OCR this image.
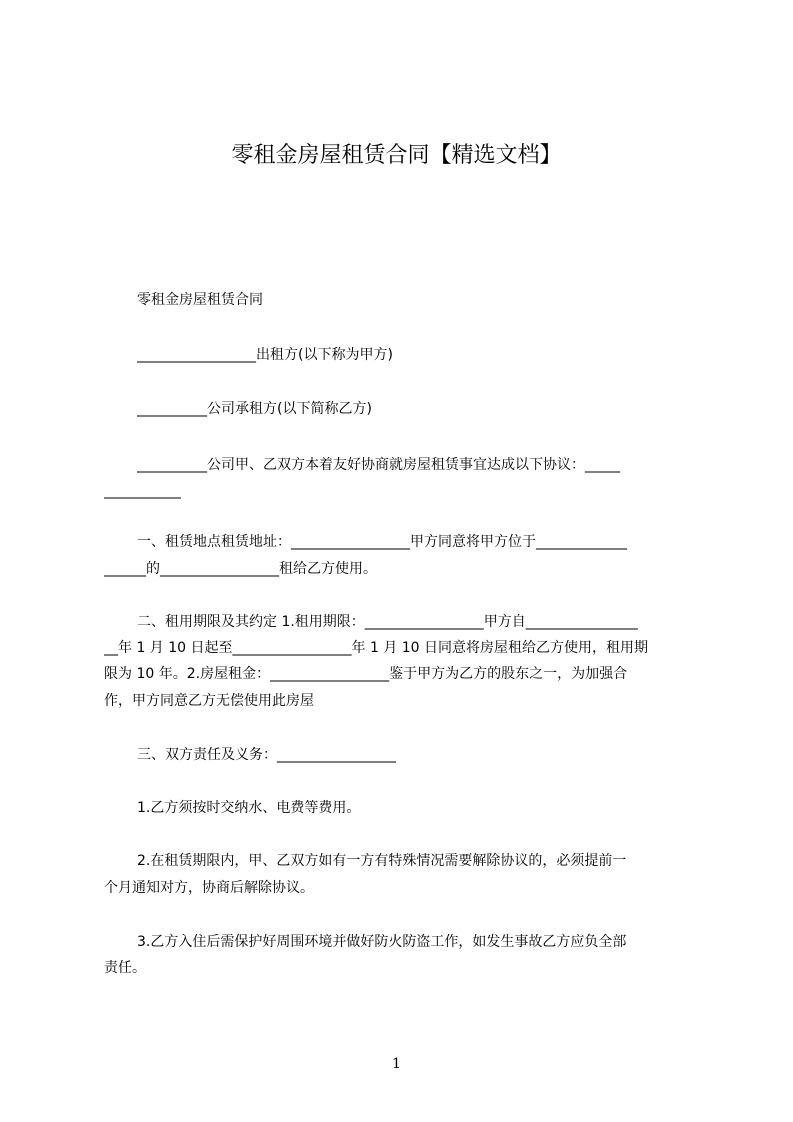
零租金房屋租赁合同【精选文档】
零租金房屋租赁合同
_________________出租方(以下称为甲方)
__________公司承租方(以下简称乙方)
__________公司甲、乙双方本着友好协商就房屋租赁事宜达成以下协议：_____
___________
一、租赁地点租赁地址：_________________甲方同意将甲方位于_____________
______的_________________租给乙方使用。
二、租用期限及其约定 1.租用期限：_________________甲方自________________
__年 1 月 10 日起至_________________年 1 月 10 日同意将房屋租给乙方使用，租用期
限为 10 年。2.房屋租金：_________________鉴于甲方为乙方的股东之一，为加强合
作，甲方同意乙方无偿使用此房屋
三、双方责任及义务：_________________
1.乙方须按时交纳水、电费等费用。
2.在租赁期限内，甲、乙双方如有一方有特殊情况需要解除协议的，必须提前一
个月通知对方，协商后解除协议。
3.乙方入住后需保护好周围环境并做好防火防盗工作，如发生事故乙方应负全部
责任。
1
